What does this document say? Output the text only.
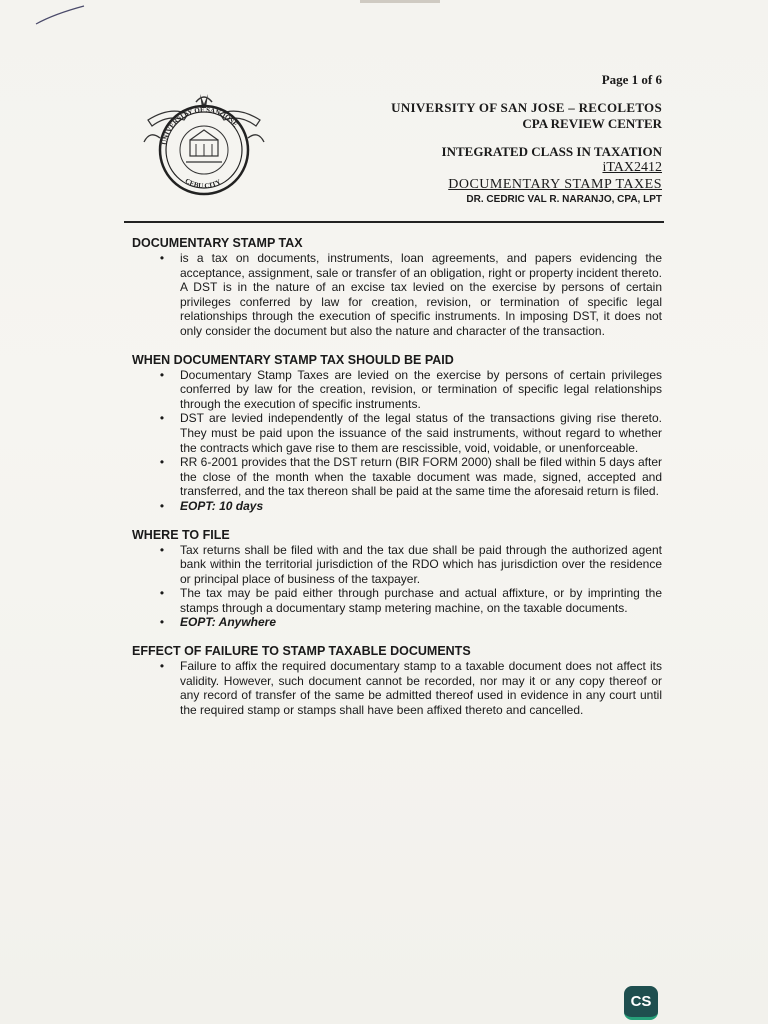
Page 1 of 6
UNIVERSITY OF SAN JOSE
CEBU CITY
UNIVERSITY OF SAN JOSE – RECOLETOS
CPA REVIEW CENTER
INTEGRATED CLASS IN TAXATION
iTAX2412
DOCUMENTARY STAMP TAXES
DR. CEDRIC VAL R. NARANJO, CPA, LPT
DOCUMENTARY STAMP TAX
•	is a tax on documents, instruments, loan agreements, and papers evidencing the acceptance, assignment, sale or transfer of an obligation, right or property incident thereto. A DST is in the nature of an excise tax levied on the exercise by persons of certain privileges conferred by law for creation, revision, or termination of specific legal relationships through the execution of specific instruments. In imposing DST, it does not only consider the document but also the nature and character of the transaction.
WHEN DOCUMENTARY STAMP TAX SHOULD BE PAID
•	Documentary Stamp Taxes are levied on the exercise by persons of certain privileges conferred by law for the creation, revision, or termination of specific legal relationships through the execution of specific instruments.
•	DST are levied independently of the legal status of the transactions giving rise thereto. They must be paid upon the issuance of the said instruments, without regard to whether the contracts which gave rise to them are rescissible, void, voidable, or unenforceable.
•	RR 6-2001 provides that the DST return (BIR FORM 2000) shall be filed within 5 days after the close of the month when the taxable document was made, signed, accepted and transferred, and the tax thereon shall be paid at the same time the aforesaid return is filed.
•	EOPT: 10 days
WHERE TO FILE
•	Tax returns shall be filed with and the tax due shall be paid through the authorized agent bank within the territorial jurisdiction of the RDO which has jurisdiction over the residence or principal place of business of the taxpayer.
•	The tax may be paid either through purchase and actual affixture, or by imprinting the stamps through a documentary stamp metering machine, on the taxable documents.
•	EOPT: Anywhere
EFFECT OF FAILURE TO STAMP TAXABLE DOCUMENTS
•	Failure to affix the required documentary stamp to a taxable document does not affect its validity. However, such document cannot be recorded, nor may it or any copy thereof or any record of transfer of the same be admitted thereof used in evidence in any court until the required stamp or stamps shall have been affixed thereto and cancelled.
CS
